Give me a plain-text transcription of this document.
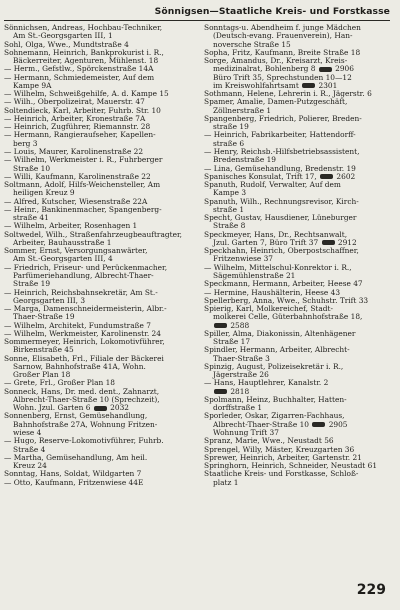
Sönnigsen—Staatliche Kreis- und Forstkasse
Sönnichsen, Andreas, Hochbau-Techniker,
Am St.-Georgsgarten III, 1
Sohl, Olga, Wwe., Mundtstraße 4
Sohnemann, Heinrich, Bankprokurist i. R.,
Bäckerreiter, Agenturen, Mühlenst. 18
— Herm., Gefstlw., Spörckenstraße 14A
— Hermann, Schmiedemeister, Auf dem
Kampe 9A
— Wilhelm, Schweißgehilfe, A. d. Kampe 15
— Wilh., Oberpolizeirat, Mauerstr. 47
Soltendieck, Karl, Arbeiter, Fuhrb. Str. 10
— Heinrich, Arbeiter, Kronestraße 7A
— Heinrich, Zugführer, Riemannstr. 28
— Hermann, Rangieraufseher, Kapellen-
berg 3
— Louis, Maurer, Karolinenstraße 22
— Wilhelm, Werkmeister i. R., Fuhrberger
Straße 10
— Willi, Kaufmann, Karolinenstraße 22
Soltmann, Adolf, Hilfs-Weichensteller, Am
heiligen Kreuz 9
— Alfred, Kutscher, Wiesenstraße 22A
— Heinr., Bankinenmacher, Spangenberg-
straße 41
— Wilhelm, Arbeiter, Rosenhagen 1
Soltwedel, Wilh., Straßenfahrzeugbeauftragter,
Arbeiter, Bauhausstraße 1
Sommer, Ernst, Versorgungsanwärter,
Am St.-Georgsgarten III, 4
— Friedrich, Friseur- und Perückenmacher,
Parfümeriehandlung, Albrecht-Thaer-
Straße 19
— Heinrich, Reichsbahnsekretär, Am St.-
Georgsgarten III, 3
— Marga, Damenschneidermeisterin, Albr.-
Thaer-Straße 19
— Wilhelm, Architekt, Fundumstraße 7
— Wilhelm, Werkmeister, Karolinenstr. 24
Sommermeyer, Heinrich, Lokomotivführer,
Birkenstraße 45
Sonne, Elisabeth, Frl., Filiale der Bäckerei
Sarnow, Bahnhofstraße 41A, Wohn.
Großer Plan 18
— Grete, Frl., Großer Plan 18
Sonneck, Hans, Dr. med. dent., Zahnarzt,
Albrecht-Thaer-Straße 10 (Sprechzeit),
Wohn. Jzul. Garten 6	2032
Sonnenberg, Ernst, Gemüsehandlung,
Bahnhofstraße 27A, Wohnung Fritzen-
wiese 4
— Hugo, Reserve-Lokomotivführer, Fuhrb.
Straße 4
— Martha, Gemüsehandlung, Am heil.
Kreuz 24
Sonntag, Hans, Soldat, Wildgarten 7
— Otto, Kaufmann, Fritzenwiese 44E
Sonntags-u. Abendheim f. junge Mädchen
(Deutsch-evang. Frauenverein), Han-
noversche Straße 15
Sopha, Fritz, Kaufmann, Breite Straße 18
Sorge, Amandus, Dr., Kreisarzt, Kreis-
medizinalrat, Bohlenberg 8	2906
Büro Trift 35, Sprechstunden 10—12
im Kreiswohlfahrtsamt	2301
Sothmann, Helene, Lehrerin i. R., Jägerstr. 6
Spamer, Amalie, Damen-Putzgeschäft,
Zöllnerstraße 1
Spangenberg, Friedrich, Polierer, Breden-
straße 19
— Heinrich, Fabrikarbeiter, Hattendorff-
straße 6
— Henry, Reichsb.-Hilfsbetriebsassistent,
Bredenstraße 19
— Lina, Gemüsehandlung, Bredenstr. 19
Spanisches Konsulat, Trift 17,	2602
Spanuth, Rudolf, Verwalter, Auf dem
Kampe 3
Spanuth, Wilh., Rechnungsrevisor, Kirch-
straße 1
Specht, Gustav, Hausdiener, Lüneburger
Straße 8
Speckmeyer, Hans, Dr., Rechtsanwalt,
Jzul. Garten 7, Büro Trift 37	2912
Speckhahn, Heinrich, Oberpostschaffner,
Fritzenwiese 37
— Wilhelm, Mittelschul-Konrektor i. R.,
Sägemühlenstraße 21
Speckmann, Hermann, Arbeiter, Heese 47
— Hermine, Haushälterin, Heese 43
Spellerberg, Anna, Wwe., Schuhstr. Trift 33
Spierig, Karl, Molkereichef, Stadt-
molkerei Celle, Güterbahnhofstraße 18,
2588
Spiller, Alma, Diakonissin, Altenhägener
Straße 17
Spindler, Hermann, Arbeiter, Albrecht-
Thaer-Straße 3
Spinzig, August, Polizeisekretär i. R.,
Jägerstraße 26
— Hans, Hauptlehrer, Kanalstr. 2
2818
Spolmann, Heinz, Buchhalter, Hatten-
dorffstraße 1
Sporleder, Oskar, Zigarren-Fachhaus,
Albrecht-Thaer-Straße 10	2905
Wohnung Trift 37
Spranz, Marie, Wwe., Neustadt 56
Sprengel, Willy, Mäster, Kreuzgarten 36
Sprewer, Heinrich, Arbeiter, Gartenstr. 21
Springhorn, Heinrich, Schneider, Neustadt 61
Staatliche Kreis- und Forstkasse, Schloß-
platz 1
229
